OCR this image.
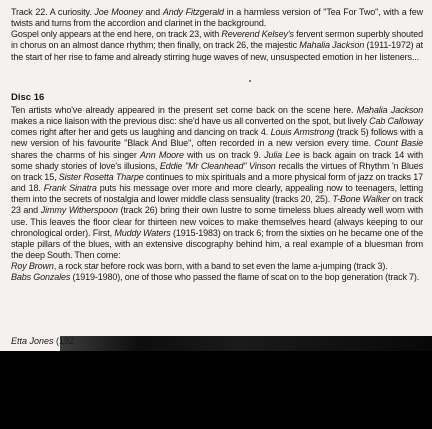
Track 22. A curiosity. Joe Mooney and Andy Fitzgerald in a harmless version of "Tea For Two", with a few twists and turns from the accordion and clarinet in the background.

Gospel only appears at the end here, on track 23, with Reverend Kelsey's fervent sermon superbly shouted in chorus on an almost dance rhythm; then finally, on track 26, the majestic Mahalia Jackson (1911-1972) at the start of her rise to fame and already stirring huge waves of new, unsuspected emotion in her listeners...

Disc 16

Ten artists who've already appeared in the present set come back on the scene here. Mahalia Jackson makes a nice liaison with the previous disc: she'd have us all converted on the spot, but lively Cab Calloway comes right after her and gets us laughing and dancing on track 4. Louis Armstrong (track 5) follows with a new version of his favourite "Black And Blue", often recorded in a new version every time. Count Basie shares the charms of his singer Ann Moore with us on track 9. Julia Lee is back again on track 14 with some shady stories of love's illusions, Eddie "Mr Cleanhead" Vinson recalls the virtues of Rhythm 'n Blues on track 15, Sister Rosetta Tharpe continues to mix spirituals and a more physical form of jazz on tracks 17 and 18. Frank Sinatra puts his message over more and more clearly, appealing now to teenagers, letting them into the secrets of nostalgia and lower middle class sensuality (tracks 20, 25). T-Bone Walker on track 23 and Jimmy Witherspoon (track 26) bring their own lustre to some timeless blues already well worn with use. This leaves the floor clear for thirteen new voices to make themselves heard (always keeping to our chronological order). First, Muddy Waters (1915-1983) on track 6; from the sixties on he became one of the staple pillars of the blues, with an extensive discography behind him, a real example of a bluesman from the deep South. Then come:

Roy Brown, a rock star before rock was born, with a band to set even the lame a-jumping (track 3).

Babs Gonzales (1919-1980), one of those who passed the flame of scat on to the bop generation (track 7).

Etta Jones (192
